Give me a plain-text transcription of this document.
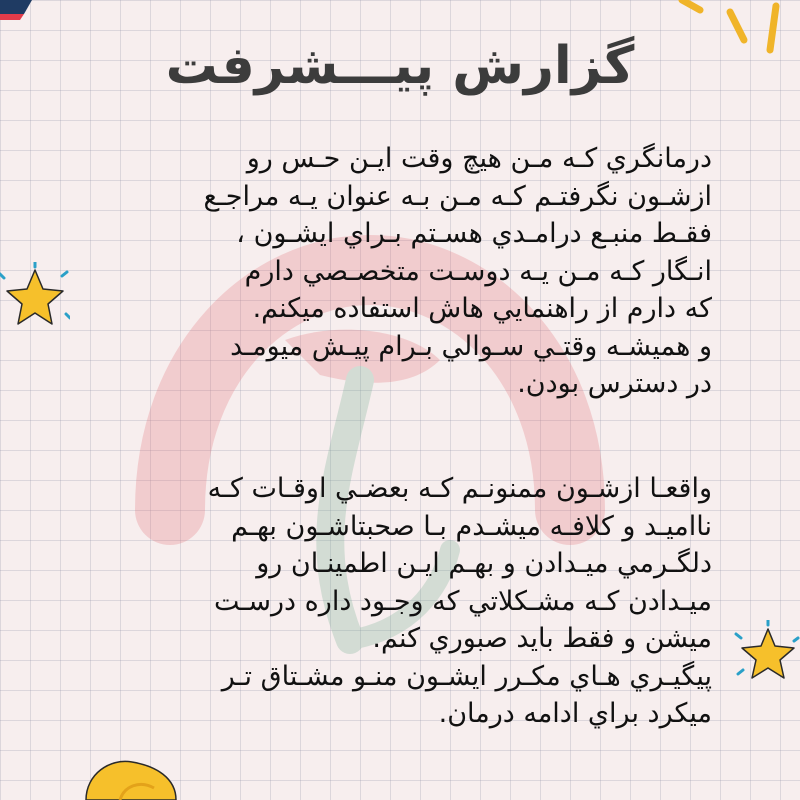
گزارش پیـــشرفت
درمانگري كـه مـن هيچ وقت ايـن حـس رو
ازشـون نگرفتـم كـه مـن بـه عنوان يـه مراجـع
فقـط منبـع درامـدي هسـتم بـراي ايشـون ،
انـگار كـه مـن يـه دوسـت متخصـصي دارم
كه دارم از راهنمايي هاش استفاده ميكنم.
و هميشـه وقتـي سـوالي بـرام پيـش ميومـد
در دسترس بودن.
واقعـا ازشـون ممنونـم كـه بعضـي اوقـات كـه
نااميـد و كلافـه ميشـدم بـا صحبتاشـون بهـم
دلگـرمي ميـدادن و بهـم ايـن اطمينـان رو
ميـدادن كـه مشـكلاتي كه وجـود داره درسـت
ميشن و فقط بايد صبوري كنم.
پيگيـري هـاي مكـرر ايشـون منـو مشـتاق تـر
ميكرد براي ادامه درمان.
